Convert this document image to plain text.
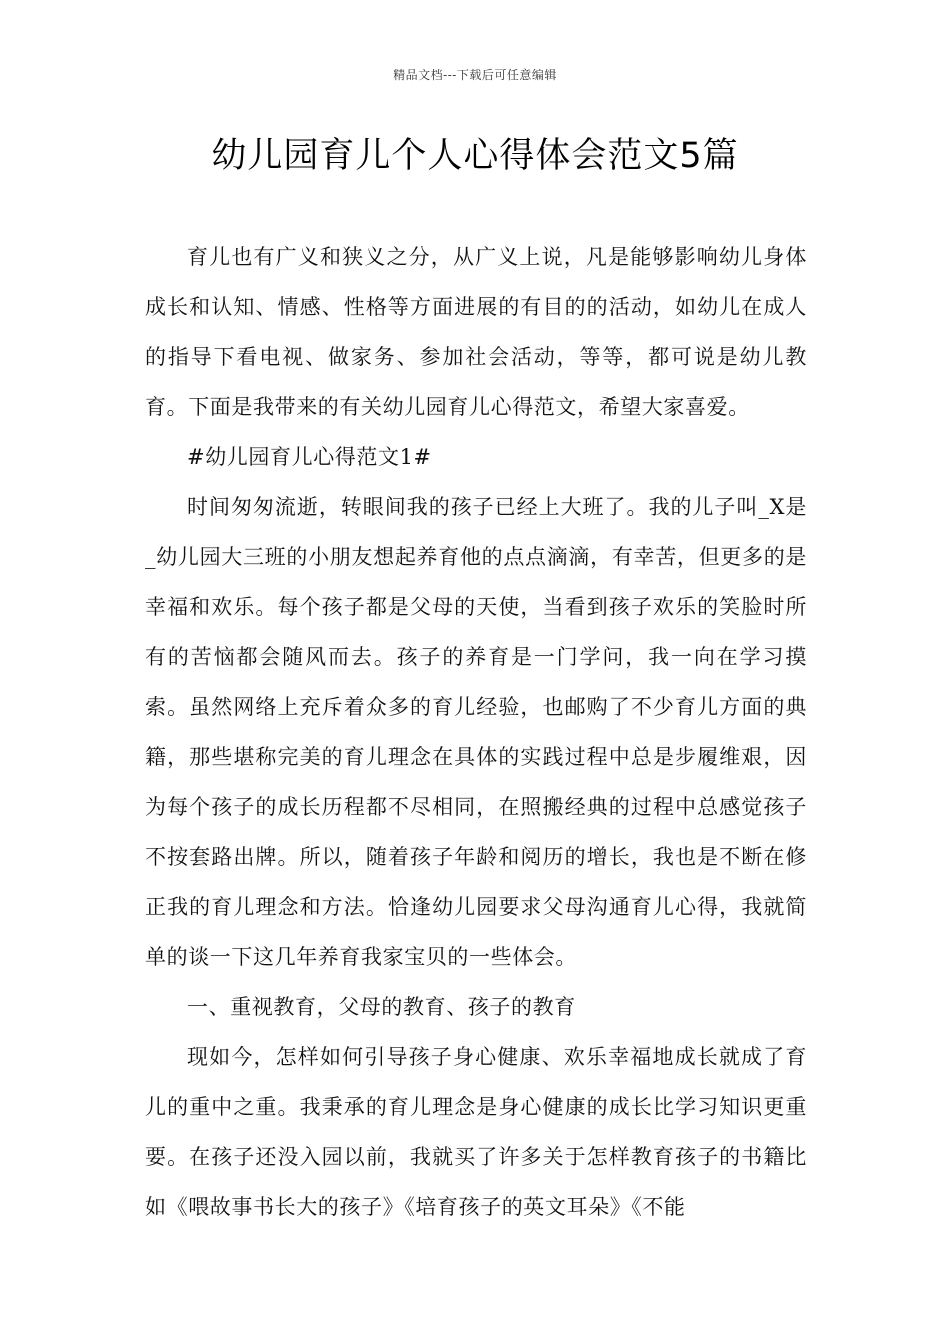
精品文档---下载后可任意编辑
幼儿园育儿个人心得体会范文5篇

育儿也有广义和狭义之分，从广义上说，凡是能够影响幼儿身体成长和认知、情感、性格等方面进展的有目的的活动，如幼儿在成人的指导下看电视、做家务、参加社会活动，等等，都可说是幼儿教育。下面是我带来的有关幼儿园育儿心得范文，希望大家喜爱。

#幼儿园育儿心得范文1#

时间匆匆流逝，转眼间我的孩子已经上大班了。我的儿子叫_X是_幼儿园大三班的小朋友想起养育他的点点滴滴，有幸苦，但更多的是幸福和欢乐。每个孩子都是父母的天使，当看到孩子欢乐的笑脸时所有的苦恼都会随风而去。孩子的养育是一门学问，我一向在学习摸索。虽然网络上充斥着众多的育儿经验，也邮购了不少育儿方面的典籍，那些堪称完美的育儿理念在具体的实践过程中总是步履维艰，因为每个孩子的成长历程都不尽相同，在照搬经典的过程中总感觉孩子不按套路出牌。所以，随着孩子年龄和阅历的增长，我也是不断在修正我的育儿理念和方法。恰逢幼儿园要求父母沟通育儿心得，我就简单的谈一下这几年养育我家宝贝的一些体会。

一、重视教育，父母的教育、孩子的教育

现如今，怎样如何引导孩子身心健康、欢乐幸福地成长就成了育儿的重中之重。我秉承的育儿理念是身心健康的成长比学习知识更重要。在孩子还没入园以前，我就买了许多关于怎样教育孩子的书籍比如《喂故事书长大的孩子》《培育孩子的英文耳朵》《不能
